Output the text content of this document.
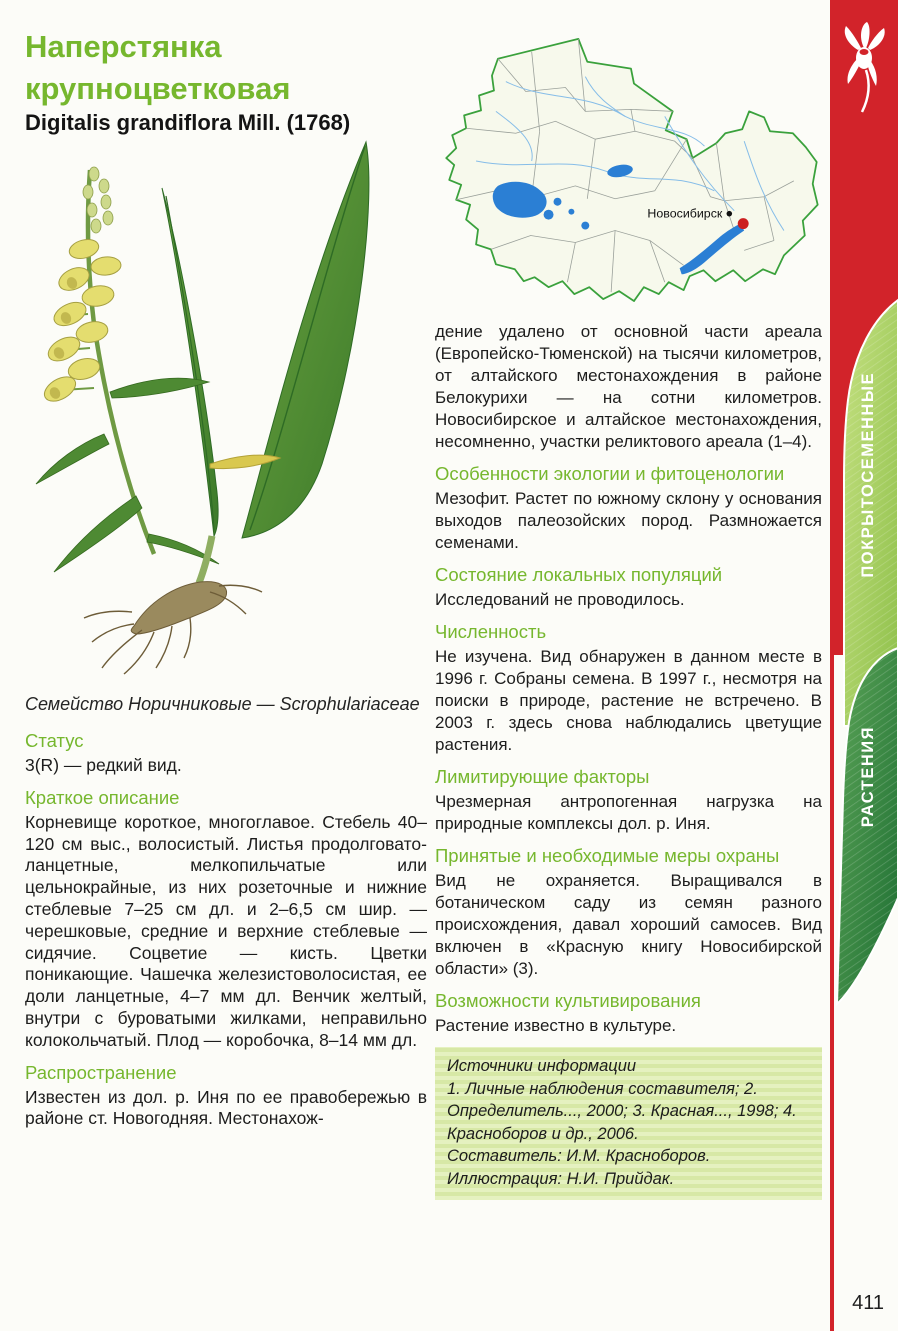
Наперстянка
крупноцветковая
Digitalis grandiflora Mill. (1768)

Семейство Норичниковые — Scrophulariaceae

Статус

3(R) — редкий вид.

Краткое описание

Корневище короткое, многоглавое. Стебель 40–120 см выс., волосистый. Листья продолговато-ланцетные, мелкопильчатые или цельнокрайные, из них розеточные и нижние стеблевые 7–25 см дл. и 2–6,5 см шир. — черешковые, средние и верхние стеблевые — сидячие. Соцветие — кисть. Цветки поникающие. Чашечка железистоволосистая, ее доли ланцетные, 4–7 мм дл. Венчик желтый, внутри с буроватыми жилками, неправильно колокольчатый. Плод — коробочка, 8–14 мм дл.

Распространение

Известен из дол. р. Иня по ее правобережью в районе ст. Новогодняя. Местонахож-

Новосибирск

дение удалено от основной части ареала (Европейско-Тюменской) на тысячи километров, от алтайского местонахождения в районе Белокурихи — на сотни километров. Новосибирское и алтайское местонахождения, несомненно, участки реликтового ареала (1–4).

Особенности экологии и фитоценологии

Мезофит. Растет по южному склону у основания выходов палеозойских пород. Размножается семенами.

Состояние локальных популяций

Исследований не проводилось.

Численность

Не изучена. Вид обнаружен в данном месте в 1996 г. Собраны семена. В 1997 г., несмотря на поиски в природе, растение не встречено. В 2003 г. здесь снова наблюдались цветущие растения.

Лимитирующие факторы

Чрезмерная антропогенная нагрузка на природные комплексы дол. р. Иня.

Принятые и необходимые меры охраны

Вид не охраняется. Выращивался в ботаническом саду из семян разного происхождения, давал хороший самосев. Вид включен в «Красную книгу Новосибирской области» (3).

Возможности культивирования

Растение известно в культуре.

Источники информации

1. Личные наблюдения составителя; 2. Определитель..., 2000; 3. Красная..., 1998; 4. Красноборов и др., 2006.

Составитель: И.М. Красноборов.

Иллюстрация: Н.И. Прийдак.

ПОКРЫТОСЕМЕННЫЕ
РАСТЕНИЯ
411
